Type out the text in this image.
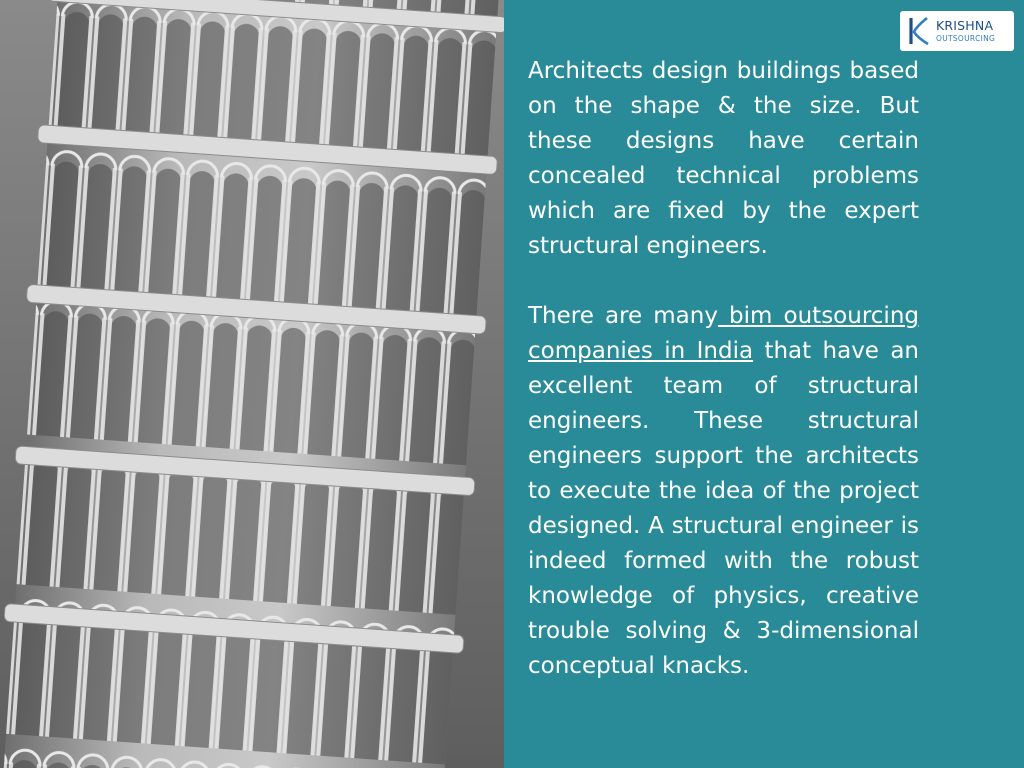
KRISHNA
OUTSOURCING

Architects design buildings based on the shape & the size. But these designs have certain concealed technical problems which are fixed by the expert structural engineers.

There are many bim outsourcing companies in India that have an excellent team of structural engineers. These structural engineers support the architects to execute the idea of the project designed. A structural engineer is indeed formed with the robust knowledge of physics, creative trouble solving & 3-dimensional conceptual knacks.
